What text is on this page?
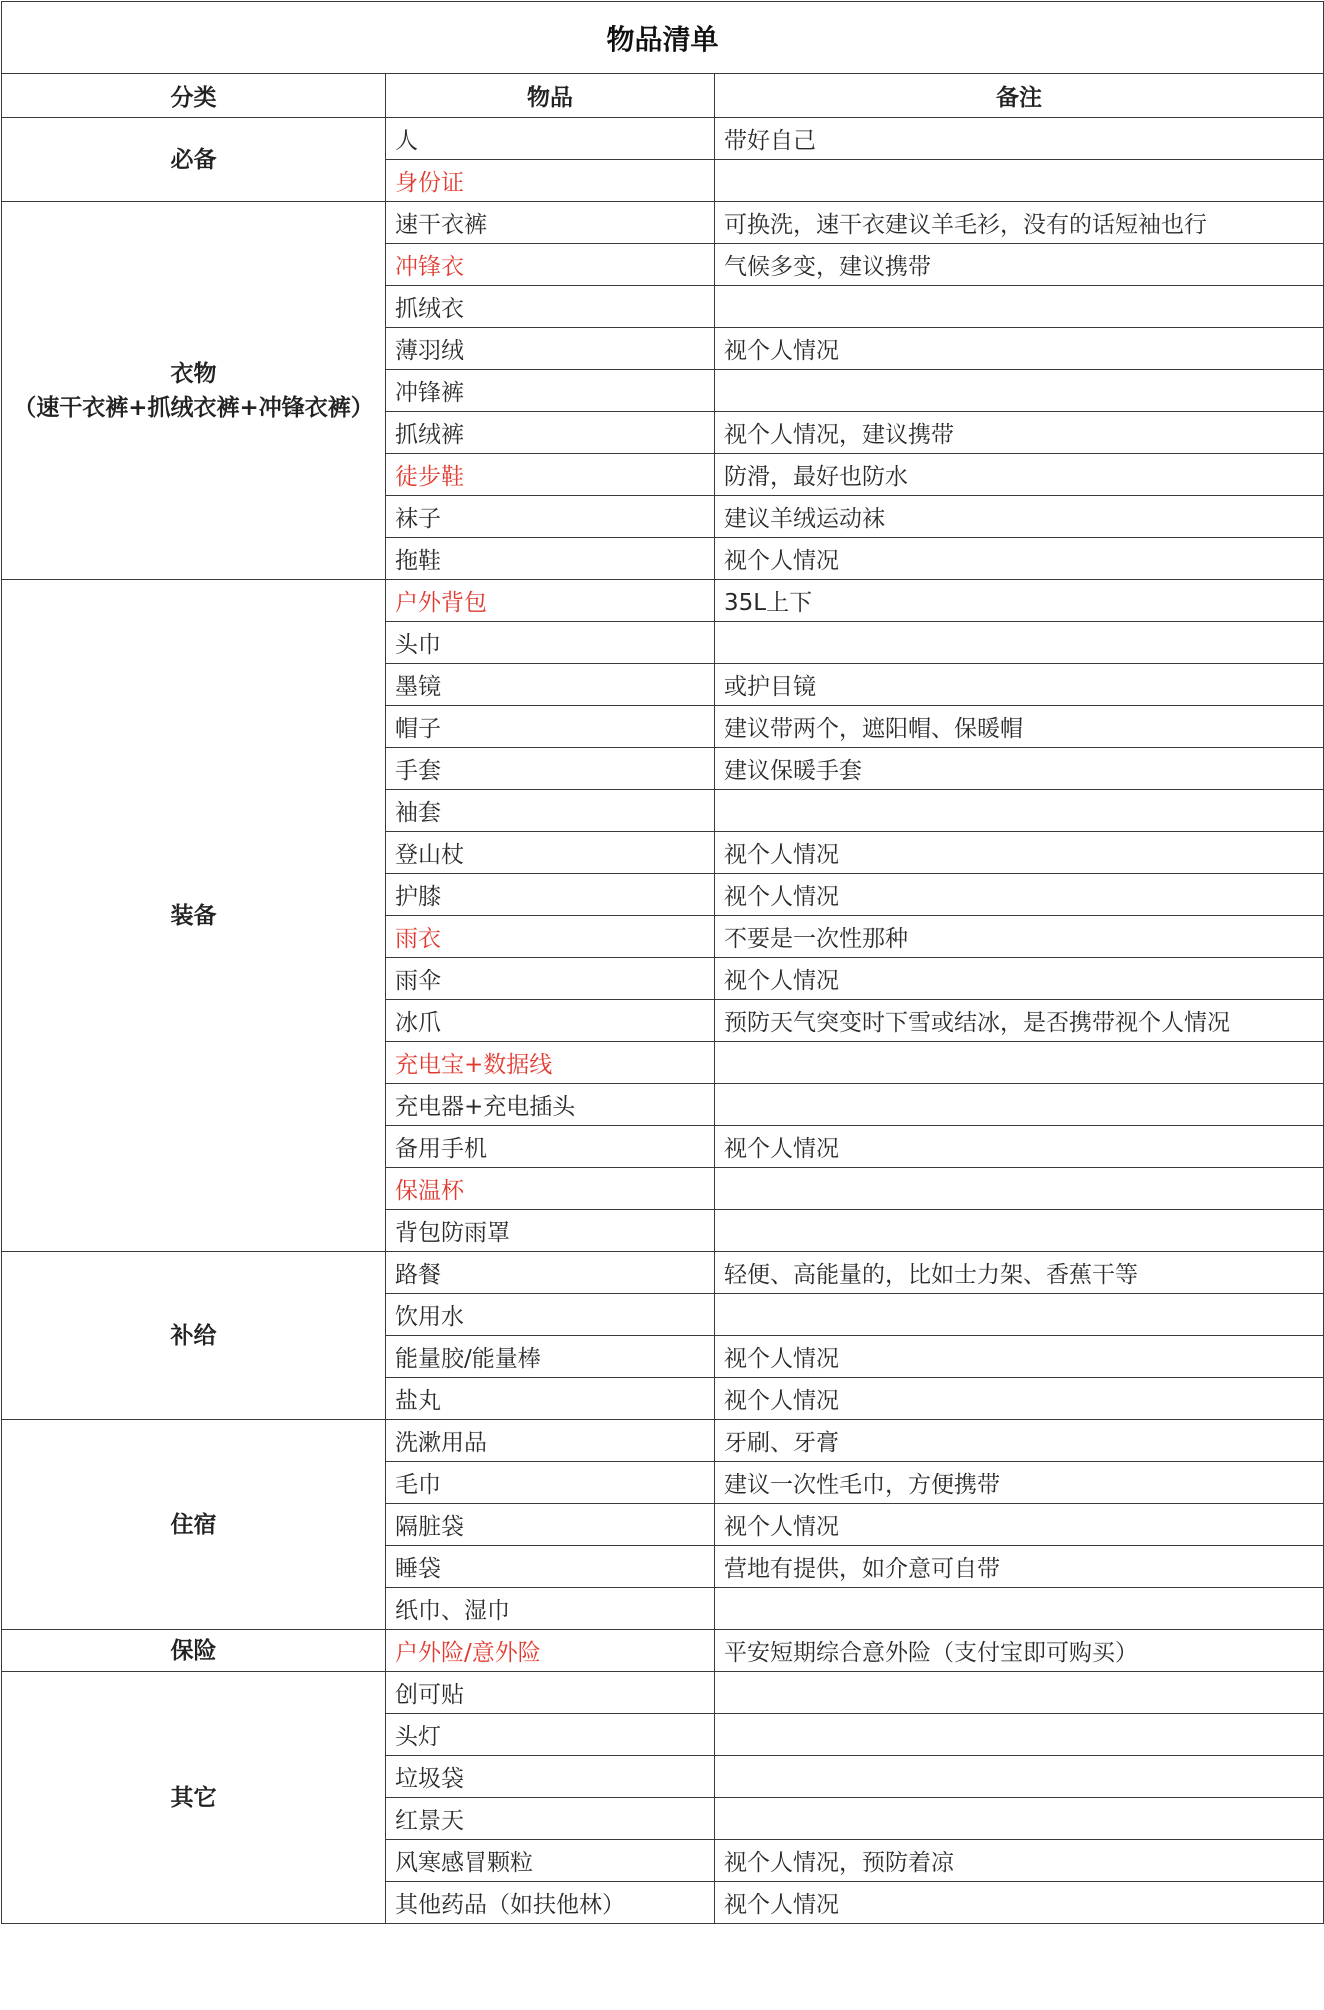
物品清单		
分类	物品	备注

必备	人	带好自己
	身份证	

衣物
（速干衣裤+抓绒衣裤+冲锋衣裤）	速干衣裤	可换洗，速干衣建议羊毛衫，没有的话短袖也行
	冲锋衣	气候多变，建议携带
	抓绒衣	
	薄羽绒	视个人情况
	冲锋裤	
	抓绒裤	视个人情况，建议携带
	徒步鞋	防滑，最好也防水
	袜子	建议羊绒运动袜
	拖鞋	视个人情况

装备	户外背包	35L上下
	头巾	
	墨镜	或护目镜
	帽子	建议带两个，遮阳帽、保暖帽
	手套	建议保暖手套
	袖套	
	登山杖	视个人情况
	护膝	视个人情况
	雨衣	不要是一次性那种
	雨伞	视个人情况
	冰爪	预防天气突变时下雪或结冰，是否携带视个人情况
	充电宝+数据线	
	充电器+充电插头	
	备用手机	视个人情况
	保温杯	
	背包防雨罩	

补给	路餐	轻便、高能量的，比如士力架、香蕉干等
	饮用水	
	能量胶/能量棒	视个人情况
	盐丸	视个人情况

住宿	洗漱用品	牙刷、牙膏
	毛巾	建议一次性毛巾，方便携带
	隔脏袋	视个人情况
	睡袋	营地有提供，如介意可自带
	纸巾、湿巾	

保险	户外险/意外险	平安短期综合意外险（支付宝即可购买）

其它	创可贴	
	头灯	
	垃圾袋	
	红景天	
	风寒感冒颗粒	视个人情况，预防着凉
	其他药品（如扶他林）	视个人情况
